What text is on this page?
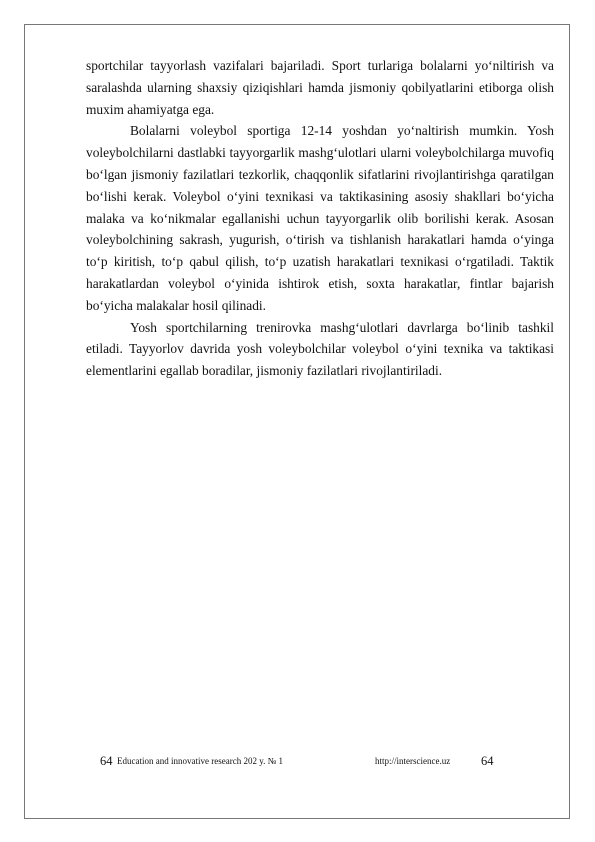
sportchilar tayyorlash vazifalari bajariladi. Sport turlariga bolalarni yo‘niltirish va saralashda ularning shaxsiy qiziqishlari hamda jismoniy qobilyatlarini etiborga olish muxim ahamiyatga ega.

Bolalarni voleybol sportiga 12-14 yoshdan yo‘naltirish mumkin. Yosh voleybolchilarni dastlabki tayyorgarlik mashg‘ulotlari ularni voleybolchilarga muvofiq bo‘lgan jismoniy fazilatlari tezkorlik, chaqqonlik sifatlarini rivojlantirishga qaratilgan bo‘lishi kerak. Voleybol o‘yini texnikasi va taktikasining asosiy shakllari bo‘yicha malaka va ko‘nikmalar egallanishi uchun tayyorgarlik olib borilishi kerak. Asosan voleybolchining sakrash, yugurish, o‘tirish va tishlanish harakatlari hamda o‘yinga to‘p kiritish, to‘p qabul qilish, to‘p uzatish harakatlari texnikasi o‘rgatiladi. Taktik harakatlardan voleybol o‘yinida ishtirok etish, soxta harakatlar, fintlar bajarish bo‘yicha malakalar hosil qilinadi.

Yosh sportchilarning trenirovka mashg‘ulotlari davrlarga bo‘linib tashkil etiladi. Tayyorlov davrida yosh voleybolchilar voleybol o‘yini texnika va taktikasi elementlarini egallab boradilar, jismoniy fazilatlari rivojlantiriladi.

64 Education and innovative research 202 y. № 1	http://interscience.uz 64
